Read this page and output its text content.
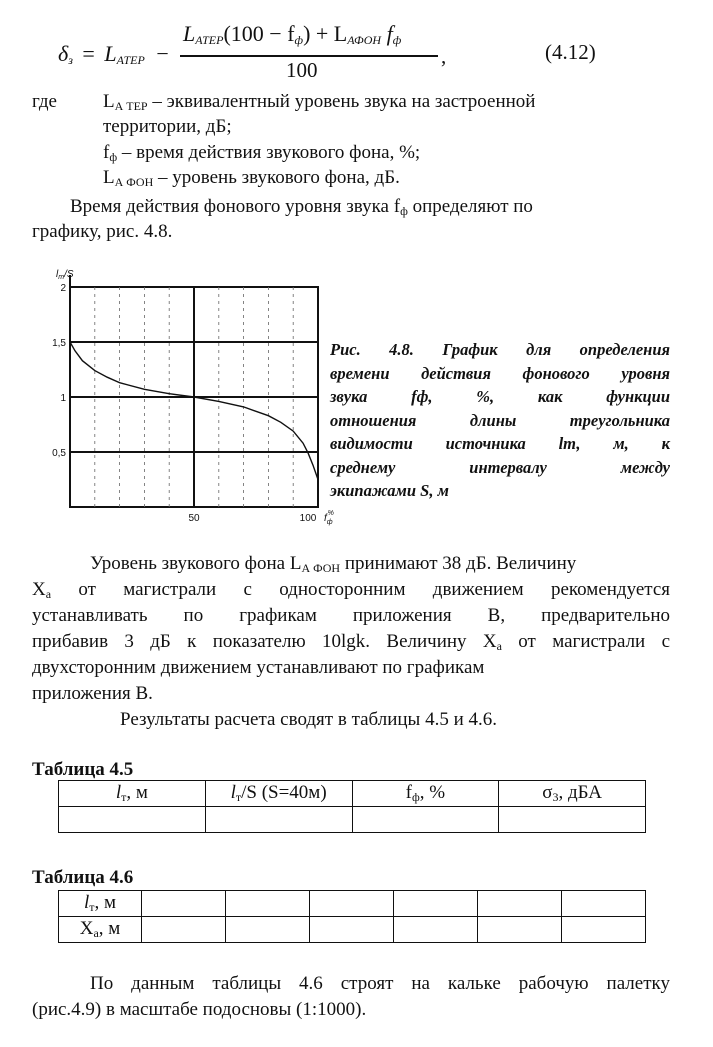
$\delta_з = L_{АТЕР}$ −
$L_{АТЕР}(100 - f_ф) + L_{АФОН}$ $f_ф$
100
,	(4.12)
где $L_{А ТЕР}$ – эквивалентный уровень звука на застроенной
территории, дБ;
$f_ф$ – время действия звукового фона, %;
$L_{А ФОН}$ – уровень звукового фона, дБ.
Время действия фонового уровня звука $f_ф$ определяют по
графику, рис. 4.8.
2
1,5
1
0,5
50	100
$l_т/S$
$f_ф\%$
Рис. 4.8. График для определения
времени действия фонового уровня
звука fф, %, как функции
отношения длины треугольника
видимости источника lт, м, к
среднему интервалу между
экипажами S, м
Уровень звукового фона $L_{А ФОН}$ принимают 38 дБ. Величину
$X_а$ от магистрали с односторонним движением рекомендуется
устанавливать по графикам приложения В, предварительно
прибавив 3 дБ к показателю 10lgk. Величину $X_а$ от магистрали с
двухсторонним движением устанавливают по графикам
приложения В.
Результаты расчета сводят в таблицы 4.5 и 4.6.
Таблица 4.5
$l_т$, м	$l_т/S$ (S=40м)	$f_ф$, %	$\sigma_3$, дБА

Таблица 4.6
$l_т$, м						
$X_а$, м						
По данным таблицы 4.6 строят на кальке рабочую палетку
(рис.4.9) в масштабе подосновы (1:1000).
